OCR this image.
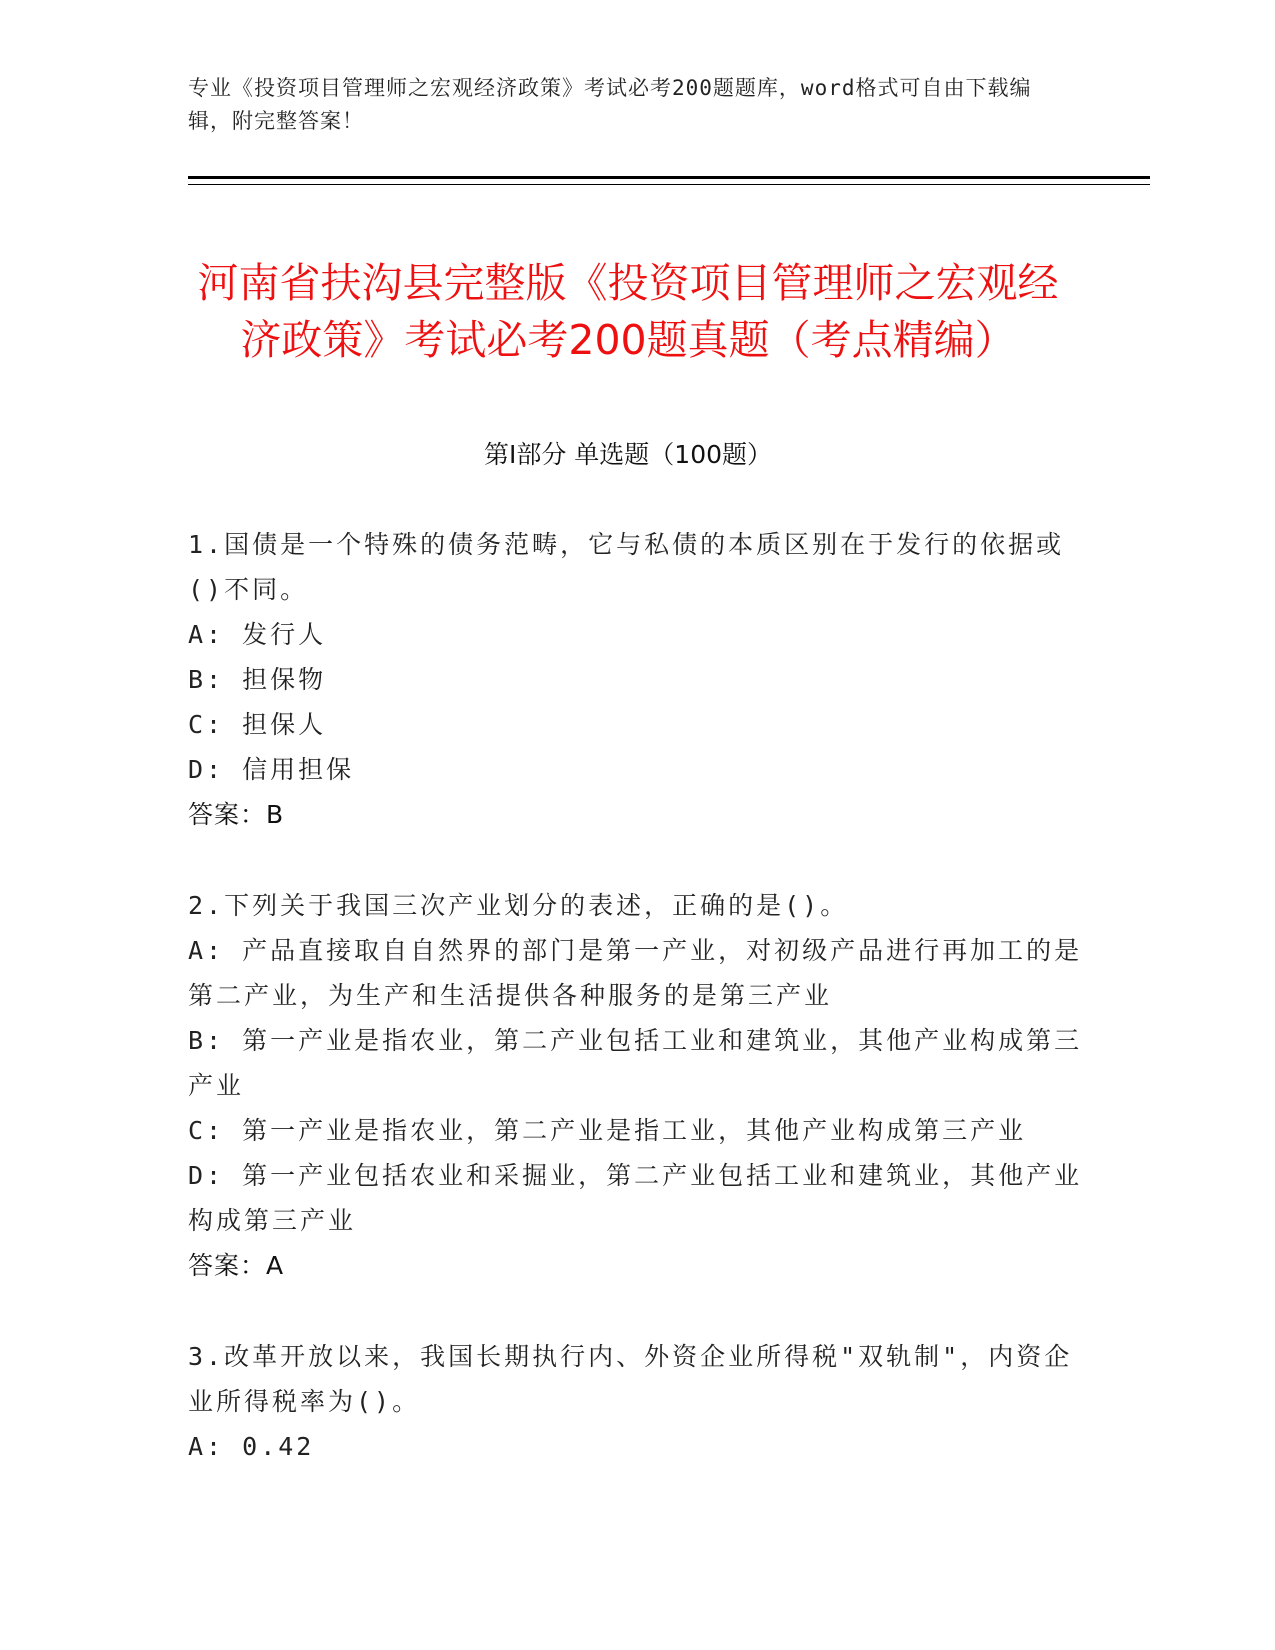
专业《投资项目管理师之宏观经济政策》考试必考200题题库，word格式可自由下载编辑，附完整答案！
河南省扶沟县完整版《投资项目管理师之宏观经济政策》考试必考200题真题（考点精编）
第Ⅰ部分 单选题（100题）

1.国债是一个特殊的债务范畴，它与私债的本质区别在于发行的依据或()不同。

A: 发行人

B: 担保物

C: 担保人

D: 信用担保

答案：B

2.下列关于我国三次产业划分的表述，正确的是()。

A: 产品直接取自自然界的部门是第一产业，对初级产品进行再加工的是第二产业，为生产和生活提供各种服务的是第三产业

B: 第一产业是指农业，第二产业包括工业和建筑业，其他产业构成第三产业

C: 第一产业是指农业，第二产业是指工业，其他产业构成第三产业

D: 第一产业包括农业和采掘业，第二产业包括工业和建筑业，其他产业构成第三产业

答案：A

3.改革开放以来，我国长期执行内、外资企业所得税"双轨制"，内资企业所得税率为()。

A: 0.42
